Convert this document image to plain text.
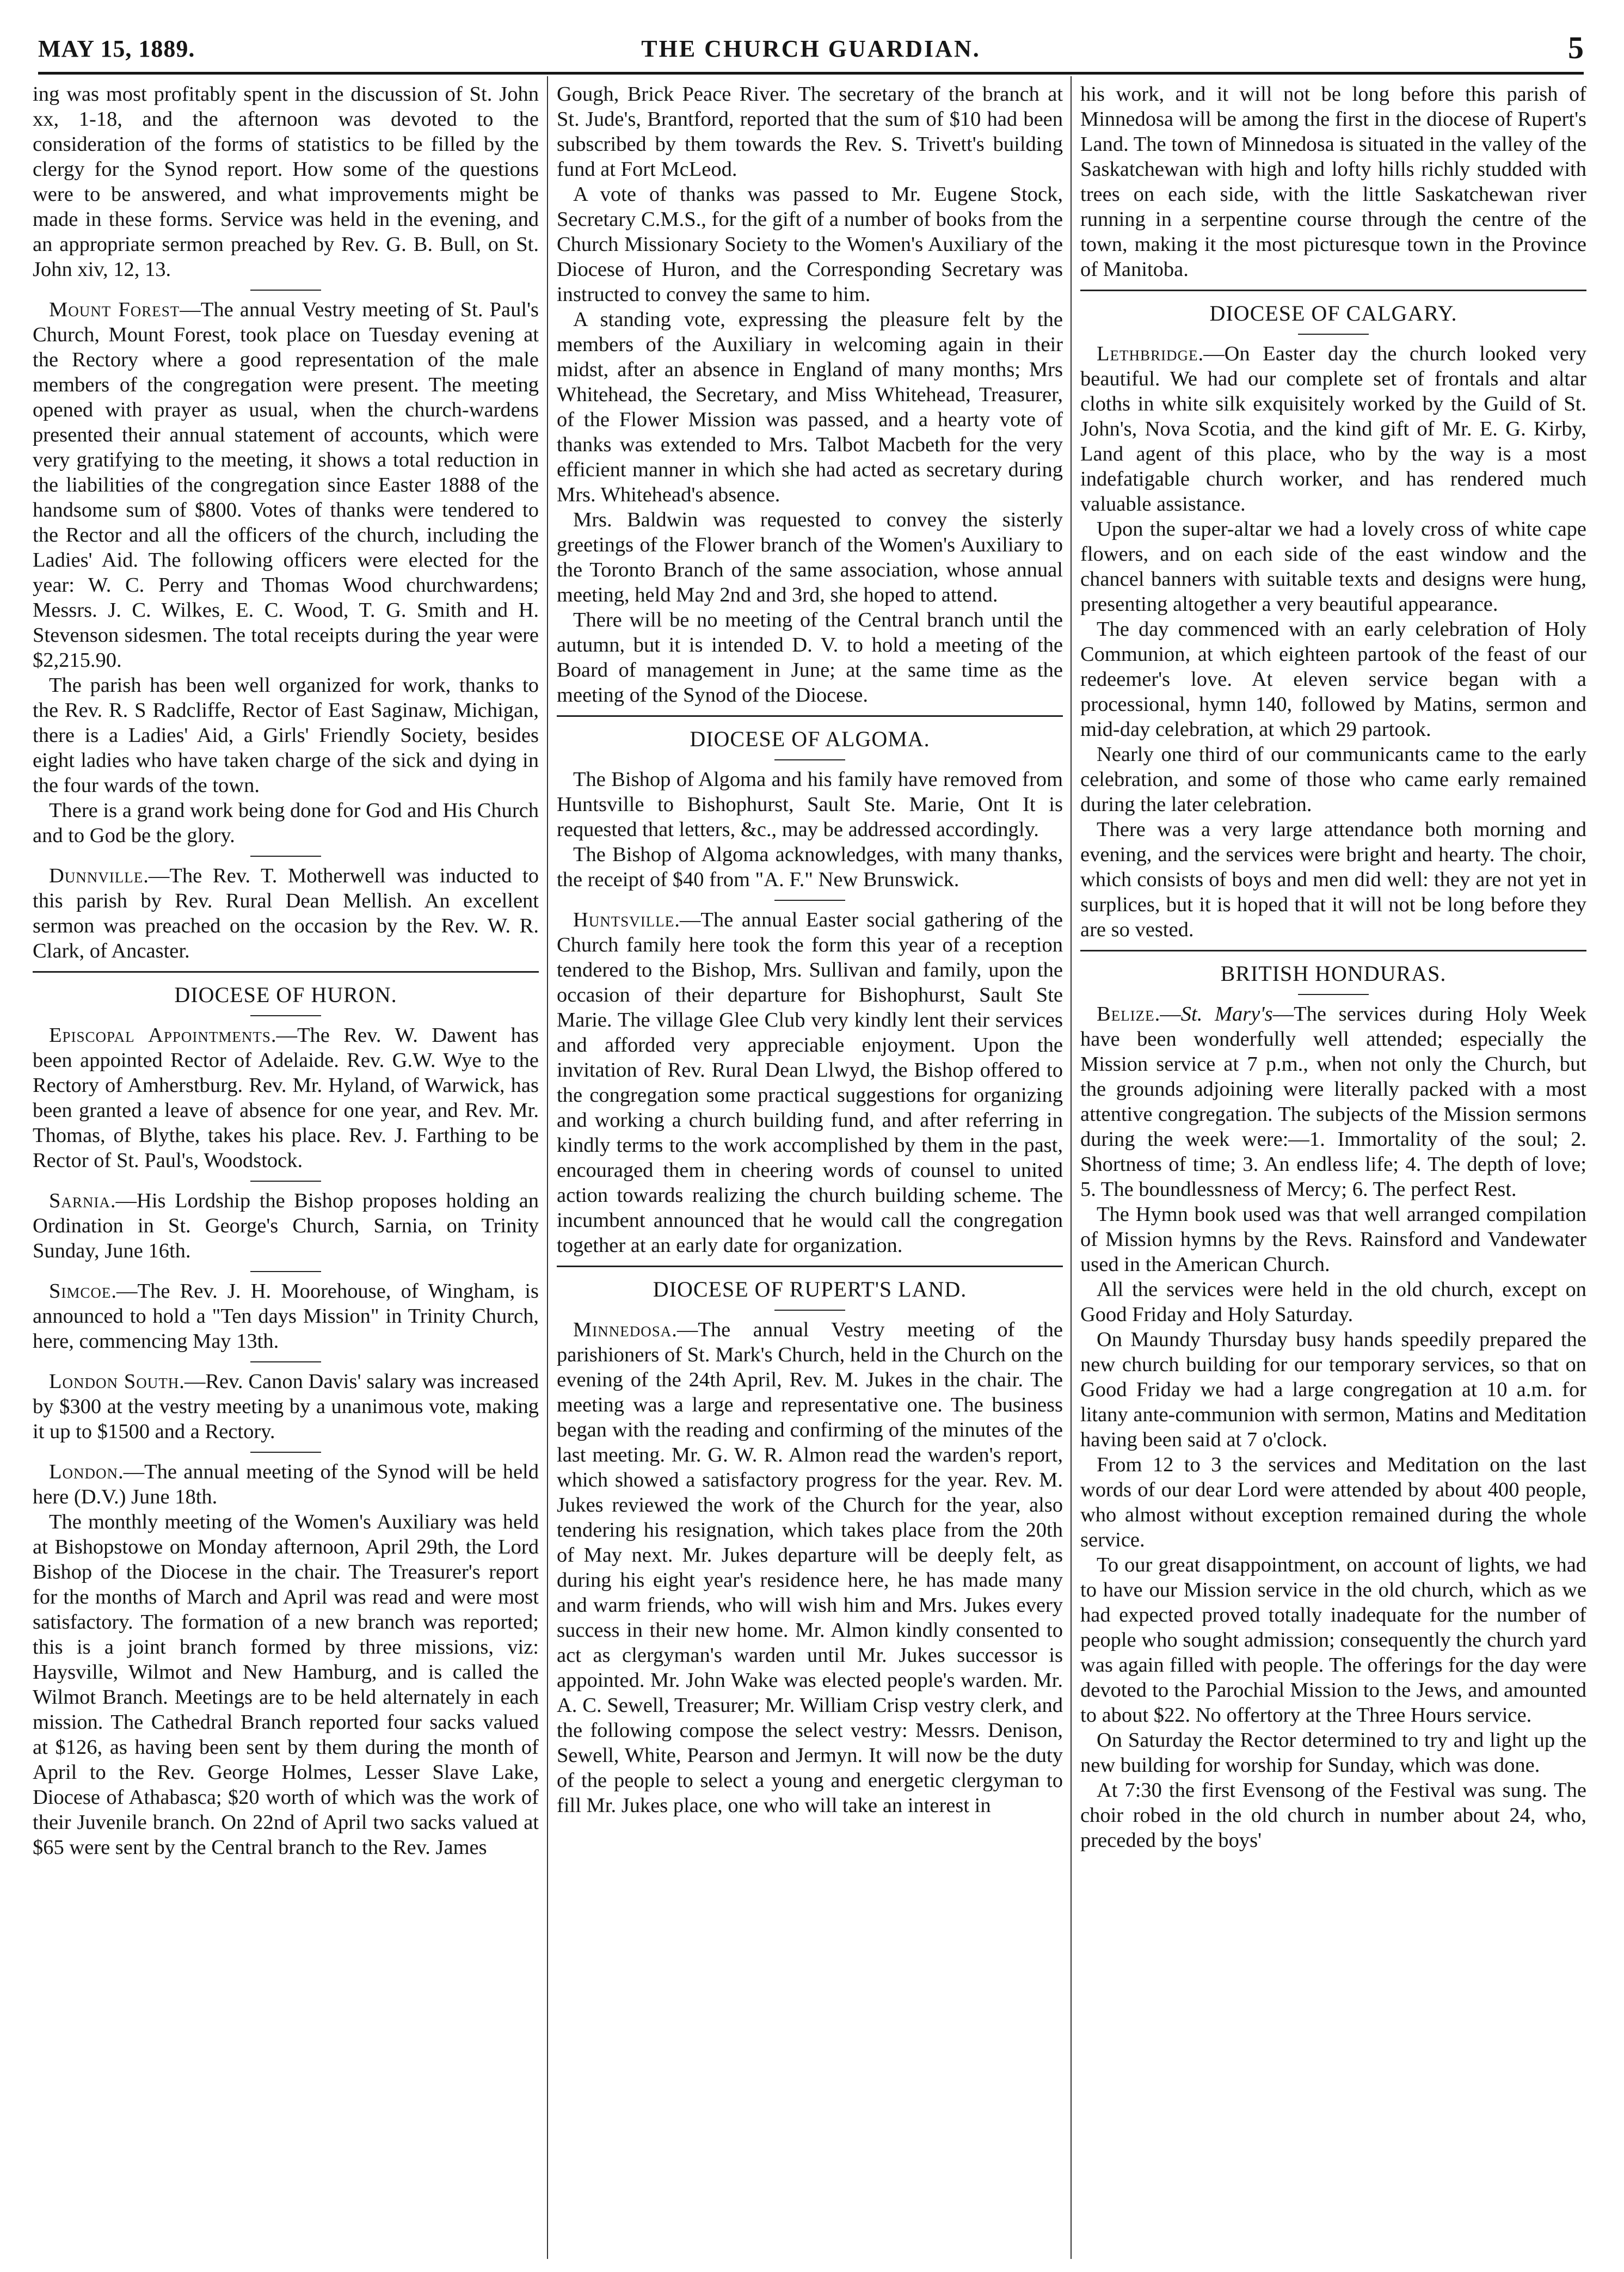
MAY 15, 1889.	THE CHURCH GUARDIAN.	5

ing was most profitably spent in the discussion of St. John xx, 1-18, and the afternoon was devoted to the consideration of the forms of statistics to be filled by the clergy for the Synod report. How some of the questions were to be answered, and what improvements might be made in these forms. Service was held in the evening, and an appropriate sermon preached by Rev. G. B. Bull, on St. John xiv, 12, 13.

Mount Forest—The annual Vestry meeting of St. Paul's Church, Mount Forest, took place on Tuesday evening at the Rectory where a good representation of the male members of the congregation were present. The meeting opened with prayer as usual, when the church-wardens presented their annual statement of accounts, which were very gratifying to the meeting, it shows a total reduction in the liabilities of the congregation since Easter 1888 of the handsome sum of $800. Votes of thanks were tendered to the Rector and all the officers of the church, including the Ladies' Aid. The following officers were elected for the year: W. C. Perry and Thomas Wood churchwardens; Messrs. J. C. Wilkes, E. C. Wood, T. G. Smith and H. Stevenson sidesmen. The total receipts during the year were $2,215.90.

The parish has been well organized for work, thanks to the Rev. R. S Radcliffe, Rector of East Saginaw, Michigan, there is a Ladies' Aid, a Girls' Friendly Society, besides eight ladies who have taken charge of the sick and dying in the four wards of the town.

There is a grand work being done for God and His Church and to God be the glory.

Dunnville.—The Rev. T. Motherwell was inducted to this parish by Rev. Rural Dean Mellish. An excellent sermon was preached on the occasion by the Rev. W. R. Clark, of Ancaster.

DIOCESE OF HURON.

Episcopal Appointments.—The Rev. W. Dawent has been appointed Rector of Adelaide. Rev. G.W. Wye to the Rectory of Amherstburg. Rev. Mr. Hyland, of Warwick, has been granted a leave of absence for one year, and Rev. Mr. Thomas, of Blythe, takes his place. Rev. J. Farthing to be Rector of St. Paul's, Woodstock.

Sarnia.—His Lordship the Bishop proposes holding an Ordination in St. George's Church, Sarnia, on Trinity Sunday, June 16th.

Simcoe.—The Rev. J. H. Moorehouse, of Wingham, is announced to hold a "Ten days Mission" in Trinity Church, here, commencing May 13th.

London South.—Rev. Canon Davis' salary was increased by $300 at the vestry meeting by a unanimous vote, making it up to $1500 and a Rectory.

London.—The annual meeting of the Synod will be held here (D.V.) June 18th.

The monthly meeting of the Women's Auxiliary was held at Bishopstowe on Monday afternoon, April 29th, the Lord Bishop of the Diocese in the chair. The Treasurer's report for the months of March and April was read and were most satisfactory. The formation of a new branch was reported; this is a joint branch formed by three missions, viz: Haysville, Wilmot and New Hamburg, and is called the Wilmot Branch. Meetings are to be held alternately in each mission. The Cathedral Branch reported four sacks valued at $126, as having been sent by them during the month of April to the Rev. George Holmes, Lesser Slave Lake, Diocese of Athabasca; $20 worth of which was the work of their Juvenile branch. On 22nd of April two sacks valued at $65 were sent by the Central branch to the Rev. James

Gough, Brick Peace River. The secretary of the branch at St. Jude's, Brantford, reported that the sum of $10 had been subscribed by them towards the Rev. S. Trivett's building fund at Fort McLeod.

A vote of thanks was passed to Mr. Eugene Stock, Secretary C.M.S., for the gift of a number of books from the Church Missionary Society to the Women's Auxiliary of the Diocese of Huron, and the Corresponding Secretary was instructed to convey the same to him.

A standing vote, expressing the pleasure felt by the members of the Auxiliary in welcoming again in their midst, after an absence in England of many months; Mrs Whitehead, the Secretary, and Miss Whitehead, Treasurer, of the Flower Mission was passed, and a hearty vote of thanks was extended to Mrs. Talbot Macbeth for the very efficient manner in which she had acted as secretary during Mrs. Whitehead's absence.

Mrs. Baldwin was requested to convey the sisterly greetings of the Flower branch of the Women's Auxiliary to the Toronto Branch of the same association, whose annual meeting, held May 2nd and 3rd, she hoped to attend.

There will be no meeting of the Central branch until the autumn, but it is intended D. V. to hold a meeting of the Board of management in June; at the same time as the meeting of the Synod of the Diocese.

DIOCESE OF ALGOMA.

The Bishop of Algoma and his family have removed from Huntsville to Bishophurst, Sault Ste. Marie, Ont It is requested that letters, &c., may be addressed accordingly.

The Bishop of Algoma acknowledges, with many thanks, the receipt of $40 from "A. F." New Brunswick.

Huntsville.—The annual Easter social gathering of the Church family here took the form this year of a reception tendered to the Bishop, Mrs. Sullivan and family, upon the occasion of their departure for Bishophurst, Sault Ste Marie. The village Glee Club very kindly lent their services and afforded very appreciable enjoyment. Upon the invitation of Rev. Rural Dean Llwyd, the Bishop offered to the congregation some practical suggestions for organizing and working a church building fund, and after referring in kindly terms to the work accomplished by them in the past, encouraged them in cheering words of counsel to united action towards realizing the church building scheme. The incumbent announced that he would call the congregation together at an early date for organization.

DIOCESE OF RUPERT'S LAND.

Minnedosa.—The annual Vestry meeting of the parishioners of St. Mark's Church, held in the Church on the evening of the 24th April, Rev. M. Jukes in the chair. The meeting was a large and representative one. The business began with the reading and confirming of the minutes of the last meeting. Mr. G. W. R. Almon read the warden's report, which showed a satisfactory progress for the year. Rev. M. Jukes reviewed the work of the Church for the year, also tendering his resignation, which takes place from the 20th of May next. Mr. Jukes departure will be deeply felt, as during his eight year's residence here, he has made many and warm friends, who will wish him and Mrs. Jukes every success in their new home. Mr. Almon kindly consented to act as clergyman's warden until Mr. Jukes successor is appointed. Mr. John Wake was elected people's warden. Mr. A. C. Sewell, Treasurer; Mr. William Crisp vestry clerk, and the following compose the select vestry: Messrs. Denison, Sewell, White, Pearson and Jermyn. It will now be the duty of the people to select a young and energetic clergyman to fill Mr. Jukes place, one who will take an interest in

his work, and it will not be long before this parish of Minnedosa will be among the first in the diocese of Rupert's Land. The town of Minnedosa is situated in the valley of the Saskatchewan with high and lofty hills richly studded with trees on each side, with the little Saskatchewan river running in a serpentine course through the centre of the town, making it the most picturesque town in the Province of Manitoba.

DIOCESE OF CALGARY.

Lethbridge.—On Easter day the church looked very beautiful. We had our complete set of frontals and altar cloths in white silk exquisitely worked by the Guild of St. John's, Nova Scotia, and the kind gift of Mr. E. G. Kirby, Land agent of this place, who by the way is a most indefatigable church worker, and has rendered much valuable assistance.

Upon the super-altar we had a lovely cross of white cape flowers, and on each side of the east window and the chancel banners with suitable texts and designs were hung, presenting altogether a very beautiful appearance.

The day commenced with an early celebration of Holy Communion, at which eighteen partook of the feast of our redeemer's love. At eleven service began with a processional, hymn 140, followed by Matins, sermon and mid-day celebration, at which 29 partook.

Nearly one third of our communicants came to the early celebration, and some of those who came early remained during the later celebration.

There was a very large attendance both morning and evening, and the services were bright and hearty. The choir, which consists of boys and men did well: they are not yet in surplices, but it is hoped that it will not be long before they are so vested.

BRITISH HONDURAS.

Belize.—St. Mary's—The services during Holy Week have been wonderfully well attended; especially the Mission service at 7 p.m., when not only the Church, but the grounds adjoining were literally packed with a most attentive congregation. The subjects of the Mission sermons during the week were:—1. Immortality of the soul; 2. Shortness of time; 3. An endless life; 4. The depth of love; 5. The boundlessness of Mercy; 6. The perfect Rest.

The Hymn book used was that well arranged compilation of Mission hymns by the Revs. Rainsford and Vandewater used in the American Church.

All the services were held in the old church, except on Good Friday and Holy Saturday.

On Maundy Thursday busy hands speedily prepared the new church building for our temporary services, so that on Good Friday we had a large congregation at 10 a.m. for litany ante-communion with sermon, Matins and Meditation having been said at 7 o'clock.

From 12 to 3 the services and Meditation on the last words of our dear Lord were attended by about 400 people, who almost without exception remained during the whole service.

To our great disappointment, on account of lights, we had to have our Mission service in the old church, which as we had expected proved totally inadequate for the number of people who sought admission; consequently the church yard was again filled with people. The offerings for the day were devoted to the Parochial Mission to the Jews, and amounted to about $22. No offertory at the Three Hours service.

On Saturday the Rector determined to try and light up the new building for worship for Sunday, which was done.

At 7:30 the first Evensong of the Festival was sung. The choir robed in the old church in number about 24, who, preceded by the boys'
